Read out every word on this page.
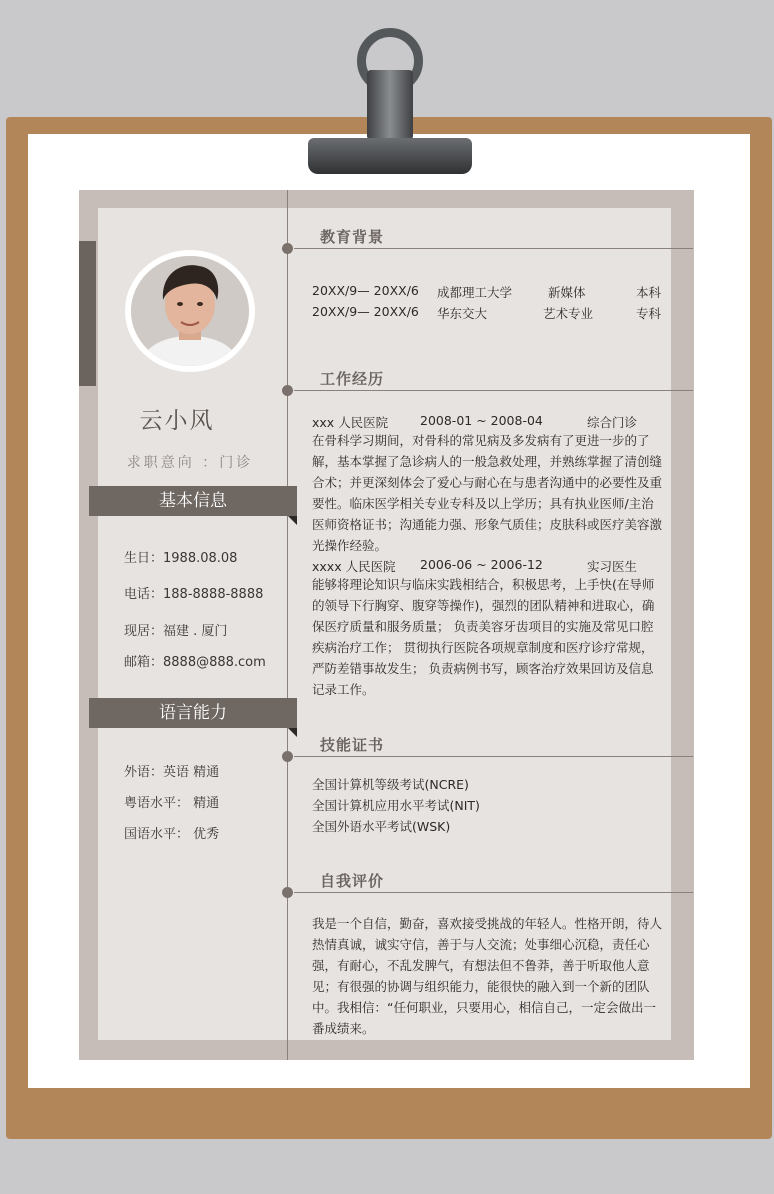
云小风
求职意向 ：门诊
基本信息
生日：1988.08.08
电话：188-8888-8888
现居：福建 . 厦门
邮箱：8888@888.com
语言能力
外语：英语 精通
粤语水平： 精通
国语水平： 优秀
教育背景
20XX/9— 20XX/6 成都理工大学	新媒体	本科
20XX/9— 20XX/6 华东交大	艺术专业	专科
工作经历
xxx 人民医院	2008-01 ~ 2008-04	综合门诊
在骨科学习期间，对骨科的常见病及多发病有了更进一步的了解，基本掌握了急诊病人的一般急救处理，并熟练掌握了清创缝合术；并更深刻体会了爱心与耐心在与患者沟通中的必要性及重要性。临床医学相关专业专科及以上学历；具有执业医师/主治医师资格证书；沟通能力强、形象气质佳；皮肤科或医疗美容激光操作经验。
xxxx 人民医院 2006-06 ~ 2006-12	实习医生
能够将理论知识与临床实践相结合，积极思考，上手快(在导师的领导下行胸穿、腹穿等操作)，强烈的团队精神和进取心，确保医疗质量和服务质量； 负责美容牙齿项目的实施及常见口腔疾病治疗工作； 贯彻执行医院各项规章制度和医疗诊疗常规，严防差错事故发生； 负责病例书写，顾客治疗效果回访及信息记录工作。
技能证书
全国计算机等级考试(NCRE)
全国计算机应用水平考试(NIT)
全国外语水平考试(WSK)
自我评价
我是一个自信，勤奋，喜欢接受挑战的年轻人。性格开朗，待人热情真诚，诚实守信，善于与人交流；处事细心沉稳，责任心强，有耐心，不乱发脾气，有想法但不鲁莽，善于听取他人意见；有很强的协调与组织能力，能很快的融入到一个新的团队中。我相信：“任何职业，只要用心，相信自己，一定会做出一番成绩来。
